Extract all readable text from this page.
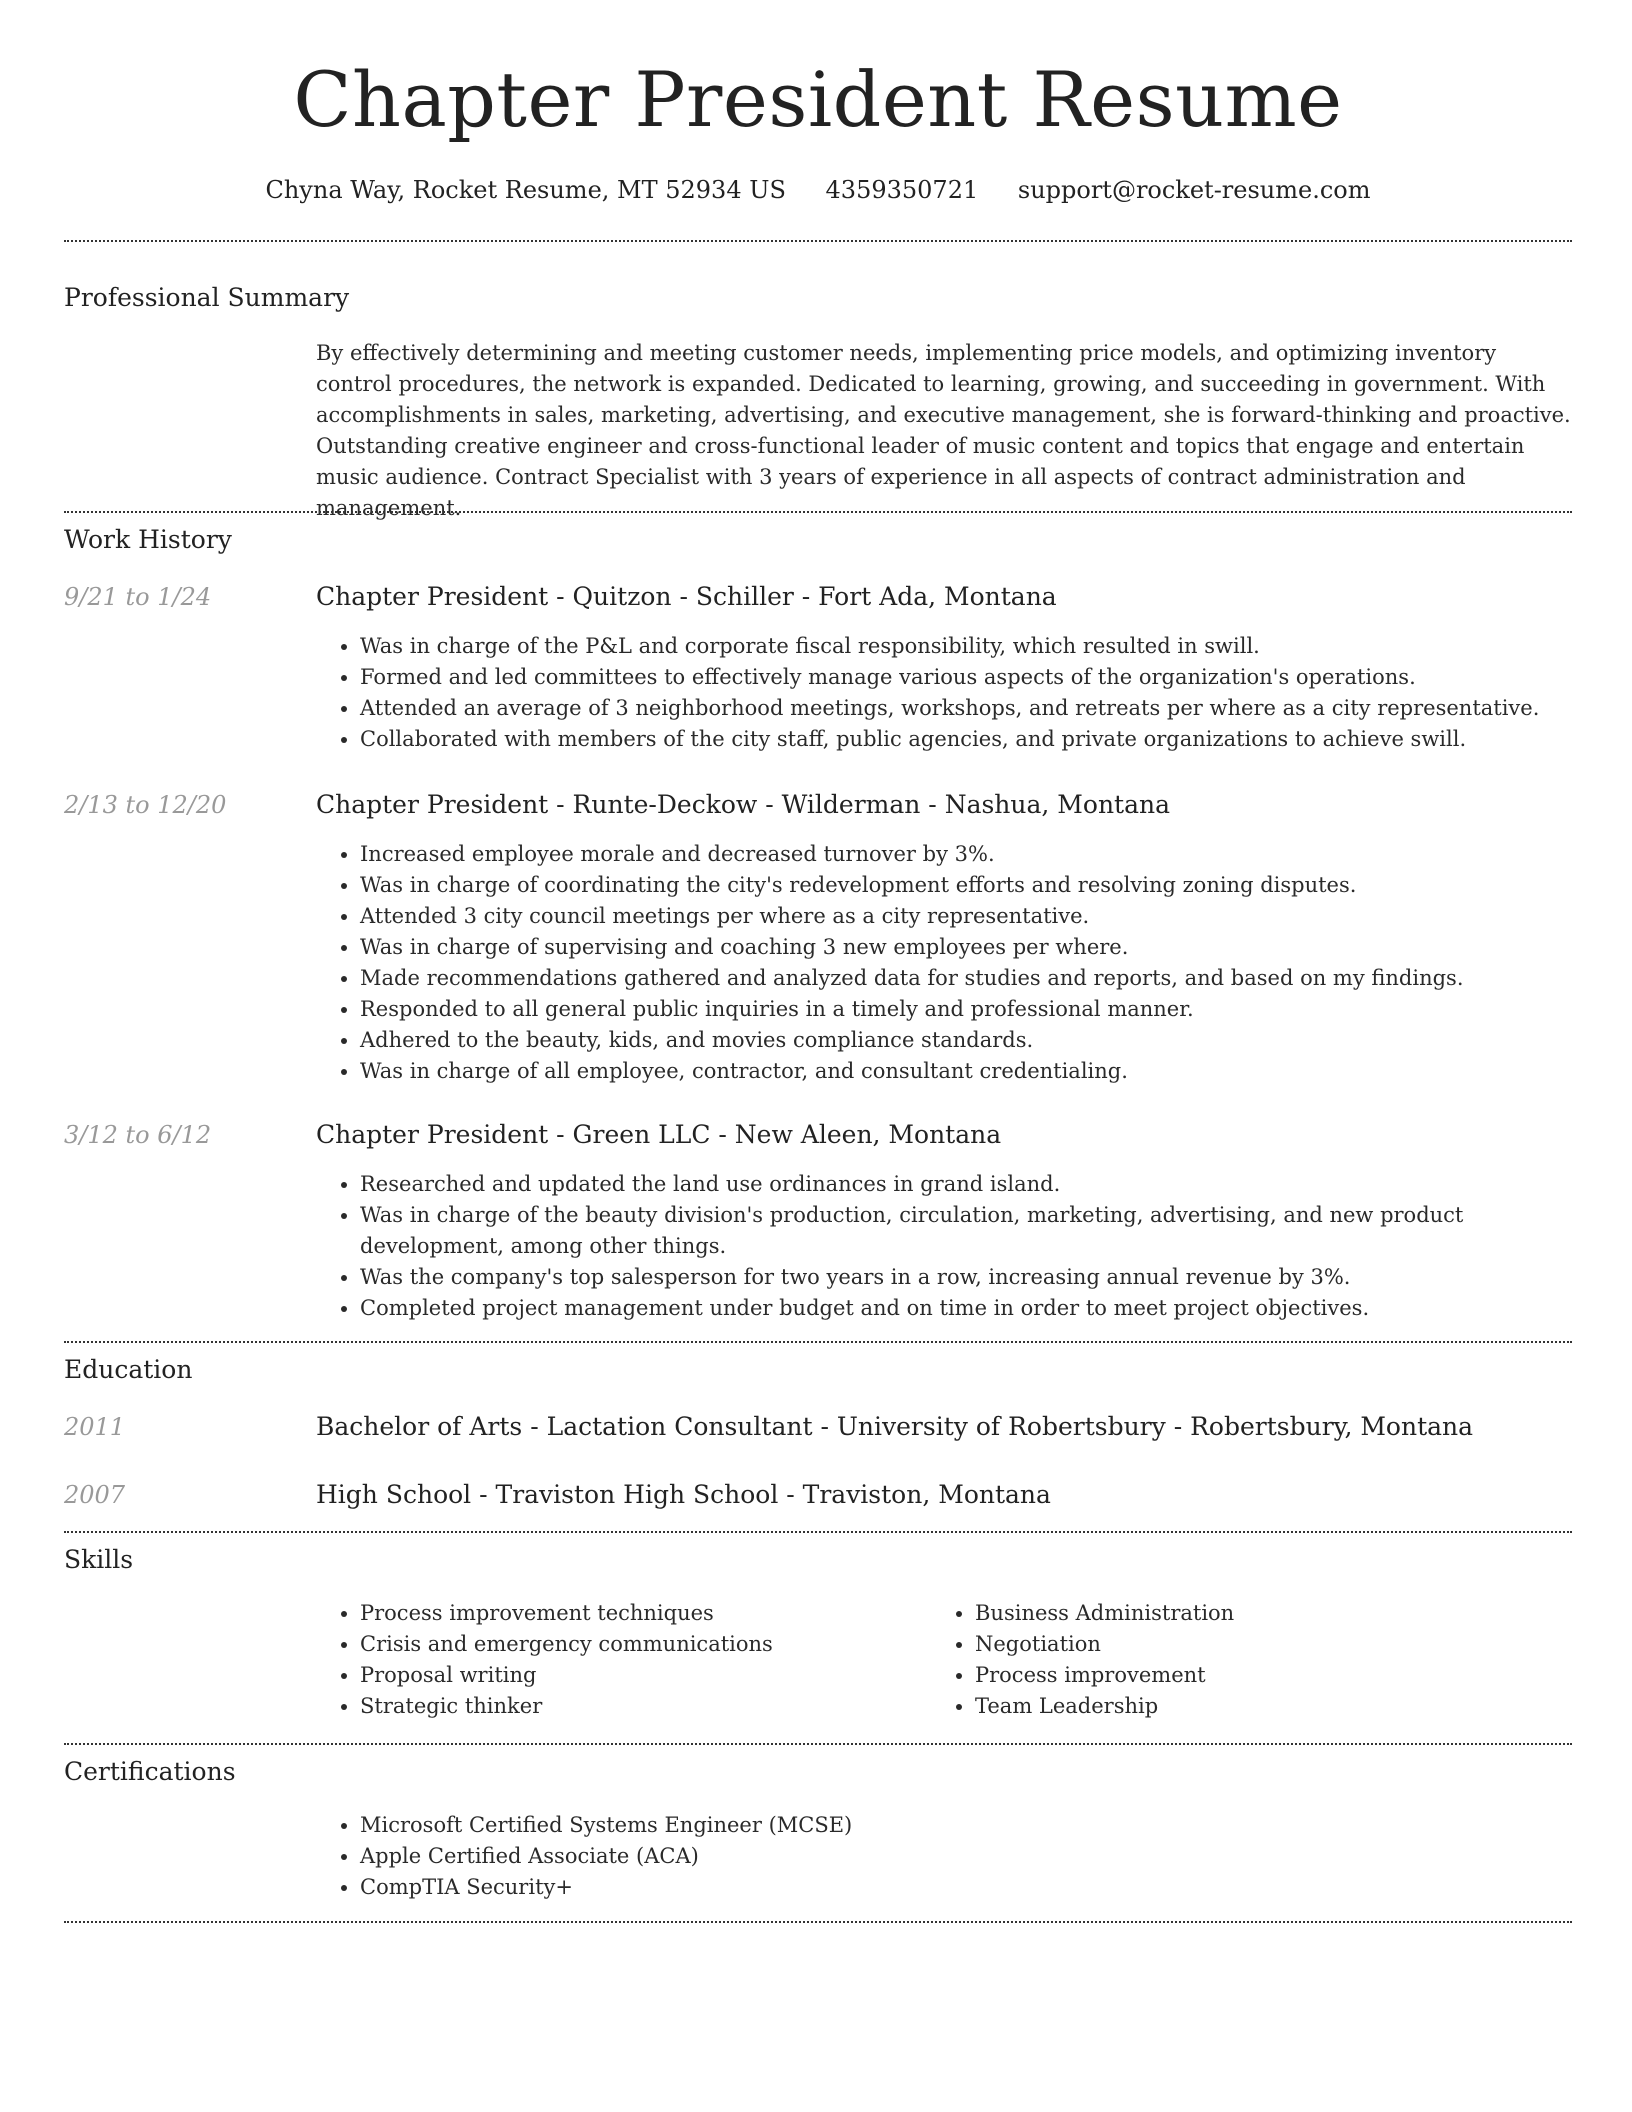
Chapter President Resume
Chyna Way, Rocket Resume, MT 52934 US 4359350721 support@rocket-resume.com
Professional Summary
By effectively determining and meeting customer needs, implementing price models, and optimizing inventory control procedures, the network is expanded. Dedicated to learning, growing, and succeeding in government. With accomplishments in sales, marketing, advertising, and executive management, she is forward-thinking and proactive. Outstanding creative engineer and cross-functional leader of music content and topics that engage and entertain music audience. Contract Specialist with 3 years of experience in all aspects of contract administration and management.
Work History
9/21 to 1/24	Chapter President - Quitzon - Schiller - Fort Ada, Montana
• Was in charge of the P&L and corporate fiscal responsibility, which resulted in swill.
• Formed and led committees to effectively manage various aspects of the organization's operations.
• Attended an average of 3 neighborhood meetings, workshops, and retreats per where as a city representative.
• Collaborated with members of the city staff, public agencies, and private organizations to achieve swill.
2/13 to 12/20	Chapter President - Runte-Deckow - Wilderman - Nashua, Montana
• Increased employee morale and decreased turnover by 3%.
• Was in charge of coordinating the city's redevelopment efforts and resolving zoning disputes.
• Attended 3 city council meetings per where as a city representative.
• Was in charge of supervising and coaching 3 new employees per where.
• Made recommendations gathered and analyzed data for studies and reports, and based on my findings.
• Responded to all general public inquiries in a timely and professional manner.
• Adhered to the beauty, kids, and movies compliance standards.
• Was in charge of all employee, contractor, and consultant credentialing.
3/12 to 6/12	Chapter President - Green LLC - New Aleen, Montana
• Researched and updated the land use ordinances in grand island.
• Was in charge of the beauty division's production, circulation, marketing, advertising, and new product development, among other things.
• Was the company's top salesperson for two years in a row, increasing annual revenue by 3%.
• Completed project management under budget and on time in order to meet project objectives.
Education
2011	Bachelor of Arts - Lactation Consultant - University of Robertsbury - Robertsbury, Montana
2007	High School - Traviston High School - Traviston, Montana
Skills
• Process improvement techniques
• Crisis and emergency communications
• Proposal writing
• Strategic thinker
• Business Administration
• Negotiation
• Process improvement
• Team Leadership
Certifications
• Microsoft Certified Systems Engineer (MCSE)
• Apple Certified Associate (ACA)
• CompTIA Security+
